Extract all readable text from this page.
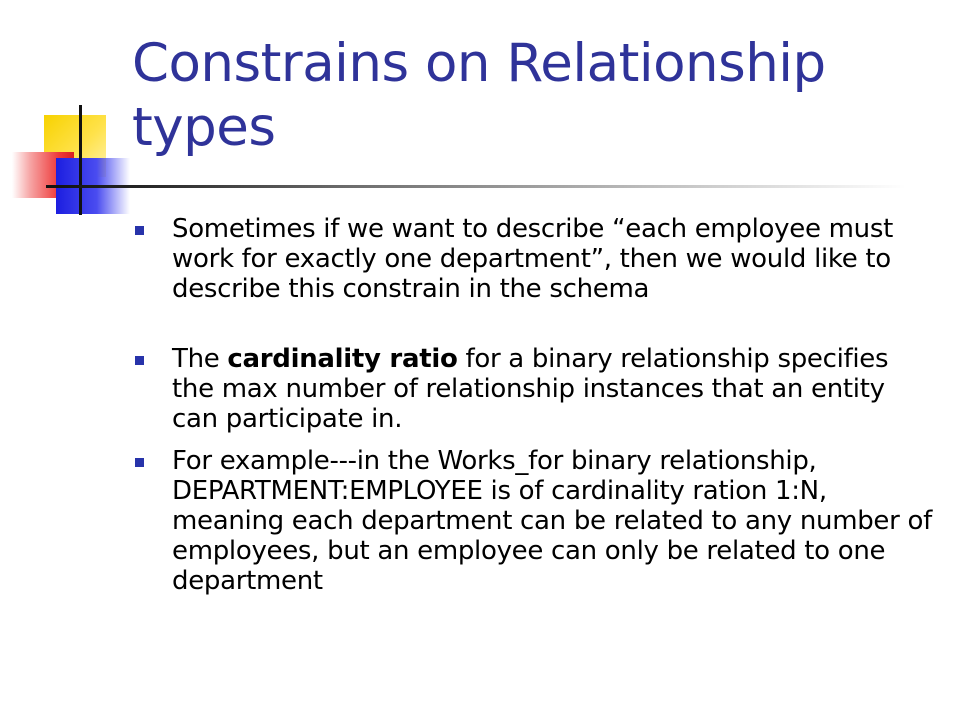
Constrains on Relationship types
Sometimes if we want to describe “each employee must work for exactly one department”, then we would like to describe this constrain in the schema
The cardinality ratio for a binary relationship specifies the max number of relationship instances that an entity can participate in.
For example---in the Works_for binary relationship, DEPARTMENT:EMPLOYEE is of cardinality ration 1:N, meaning each department can be related to any number of employees, but an employee can only be related to one department
